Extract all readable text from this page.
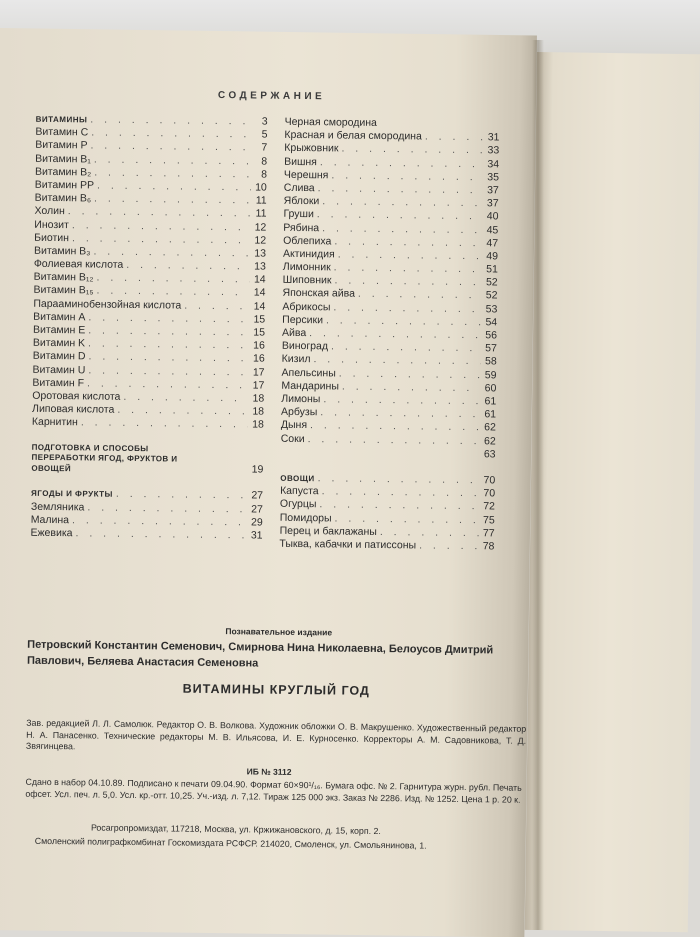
СОДЕРЖАНИЕ
ВИТАМИНЫ . . .	3
Витамин C . . .	5
Витамин P . . .	7
Витамин B₁ . . .	8
Витамин B₂ . . .	8
Витамин PP . . .	10
Витамин B₆ . . .	11
Холин . . .	11
Инозит . . .	12
Биотин . . .	12
Витамин B₃ . . .	13
Фолиевая кислота . . .	13
Витамин B₁₂ . . .	14
Витамин B₁₅ . . .	14
Парааминобензойная кислота . . .	14
Витамин A . . .	15
Витамин E . . .	15
Витамин K . . .	16
Витамин D . . .	16
Витамин U . . .	17
Витамин F . . .	17
Оротовая кислота . . .	18
Липовая кислота . . .	18
Карнитин . . .	18
ПОДГОТОВКА И СПОСОБЫ ПЕРЕРАБОТКИ ЯГОД, ФРУКТОВ И ОВОЩЕЙ	19
ЯГОДЫ И ФРУКТЫ . . .	27
Земляника . . .	27
Малина . . .	29
Ежевика . . .	31
Черная смородина
Красная и белая смородина . . .	31
Крыжовник . . .	33
Вишня . . .	34
Черешня . . .	35
Слива . . .	37
Яблоки . . .	37
Груши . . .	40
Рябина . . .	45
Облепиха . . .	47
Актинидия . . .	49
Лимонник . . .	51
Шиповник . . .	52
Японская айва . . .	52
Абрикосы . . .	53
Персики . . .	54
Айва . . .	56
Виноград . . .	57
Кизил . . .	58
Апельсины . . .	59
Мандарины . . .	60
Лимоны . . .	61
Арбузы . . .	61
Дыня . . .	62
Соки . . .	62
63
ОВОЩИ . . .	70
Капуста . . .	70
Огурцы . . .	72
Помидоры . . .	75
Перец и баклажаны . . .	77
Тыква, кабачки и патиссоны . . .	78
Познавательное издание
Петровский Константин Семенович, Смирнова Нина Николаевна, Белоусов Дмитрий Павлович, Беляева Анастасия Семеновна
ВИТАМИНЫ КРУГЛЫЙ ГОД
Зав. редакцией Л. Л. Самолюк. Редактор О. В. Волкова. Художник обложки О. В. Макрушенко. Художественный редактор Н. А. Панасенко. Технические редакторы М. В. Ильясова, И. Е. Курносенко. Корректоры А. М. Садовникова, Т. Д. Звягинцева.
ИБ № 3112
Сдано в набор 04.10.89. Подписано к печати 09.04.90. Формат 60×90¹/₁₆. Бумага офс. № 2. Гарнитура журн. рубл. Печать офсет. Усл. печ. л. 5,0. Усл. кр.-отт. 10,25. Уч.-изд. л. 7,12. Тираж 125 000 экз. Заказ № 2286. Изд. № 1252. Цена 1 р. 20 к.
Росагропромиздат, 117218, Москва, ул. Кржижановского, д. 15, корп. 2.
Смоленский полиграфкомбинат Госкомиздата РСФСР. 214020, Смоленск, ул. Смольянинова, 1.
